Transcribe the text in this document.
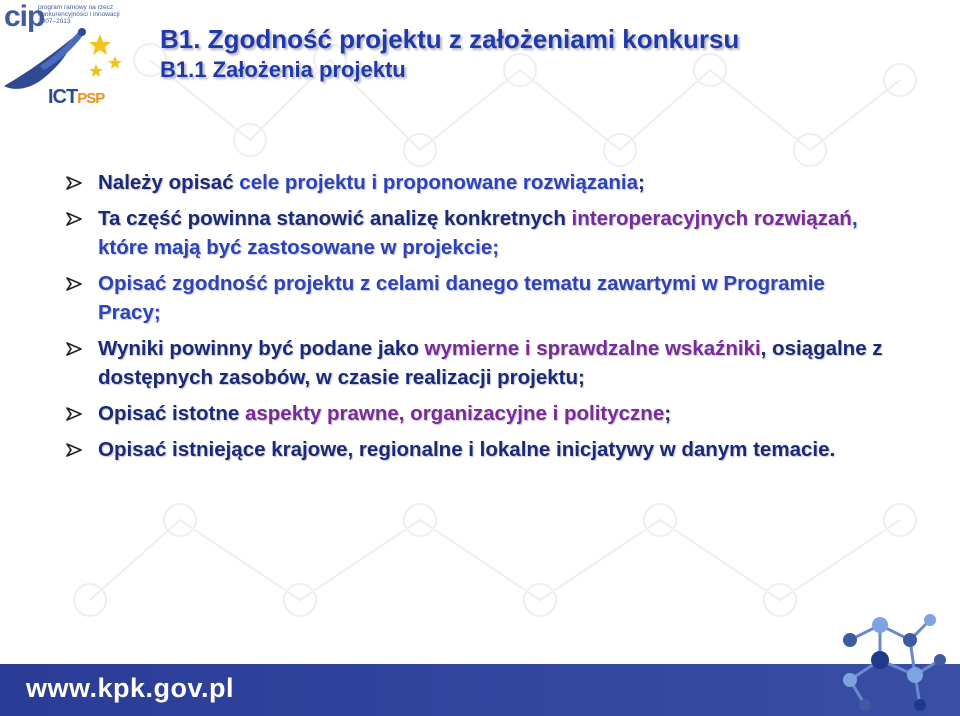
cip
program ramowy na rzecz
konkurencyjności i innowacji
2007–2013
ICTPSP
B1. Zgodność projektu z założeniami konkursu
B1.1 Założenia projektu
Należy opisać cele projektu i proponowane rozwiązania;
Ta część powinna stanowić analizę konkretnych interoperacyjnych rozwiązań, które mają być zastosowane w projekcie;
Opisać zgodność projektu z celami danego tematu zawartymi w Programie Pracy;
Wyniki powinny być podane jako wymierne i sprawdzalne wskaźniki, osiągalne z dostępnych zasobów, w czasie realizacji projektu;
Opisać istotne aspekty prawne, organizacyjne i polityczne;
Opisać istniejące krajowe, regionalne i lokalne inicjatywy w danym temacie.
www.kpk.gov.pl
